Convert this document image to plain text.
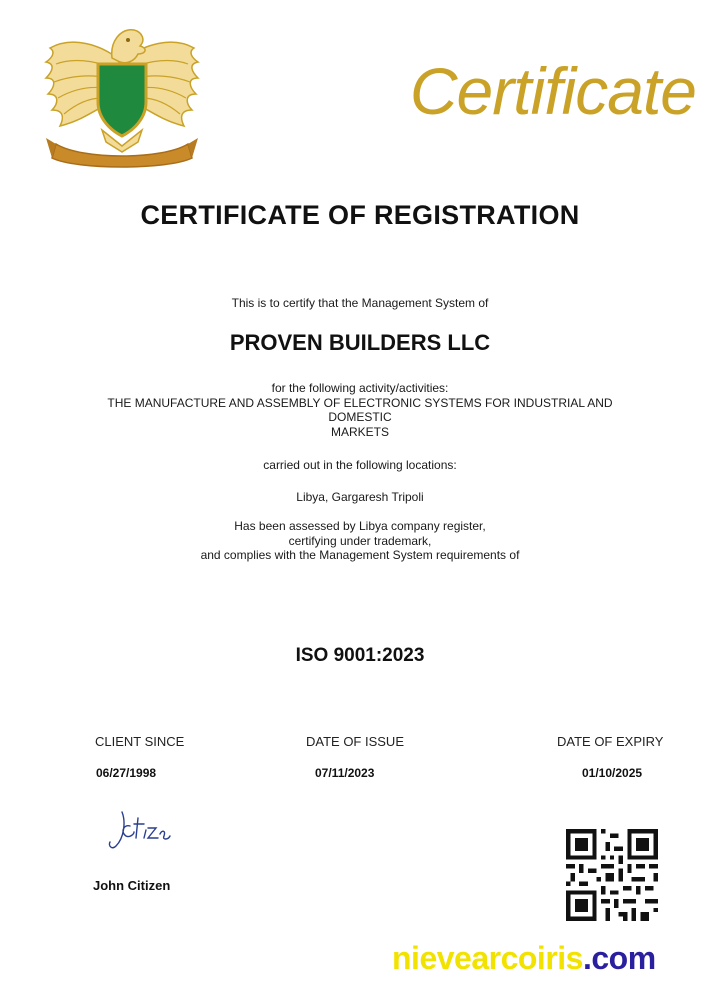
Certificate
CERTIFICATE OF REGISTRATION
This is to certify that the Management System of
PROVEN BUILDERS LLC
for the following activity/activities:
THE MANUFACTURE AND ASSEMBLY OF ELECTRONIC SYSTEMS FOR INDUSTRIAL AND
DOMESTIC
MARKETS
carried out in the following locations:
Libya, Gargaresh Tripoli
Has been assessed by Libya company register,
certifying under trademark,
and complies with the Management System requirements of
ISO 9001:2023
CLIENT SINCE
06/27/1998
DATE OF ISSUE
07/11/2023
DATE OF EXPIRY
01/10/2025
John Citizen
nievearcoiris.com
